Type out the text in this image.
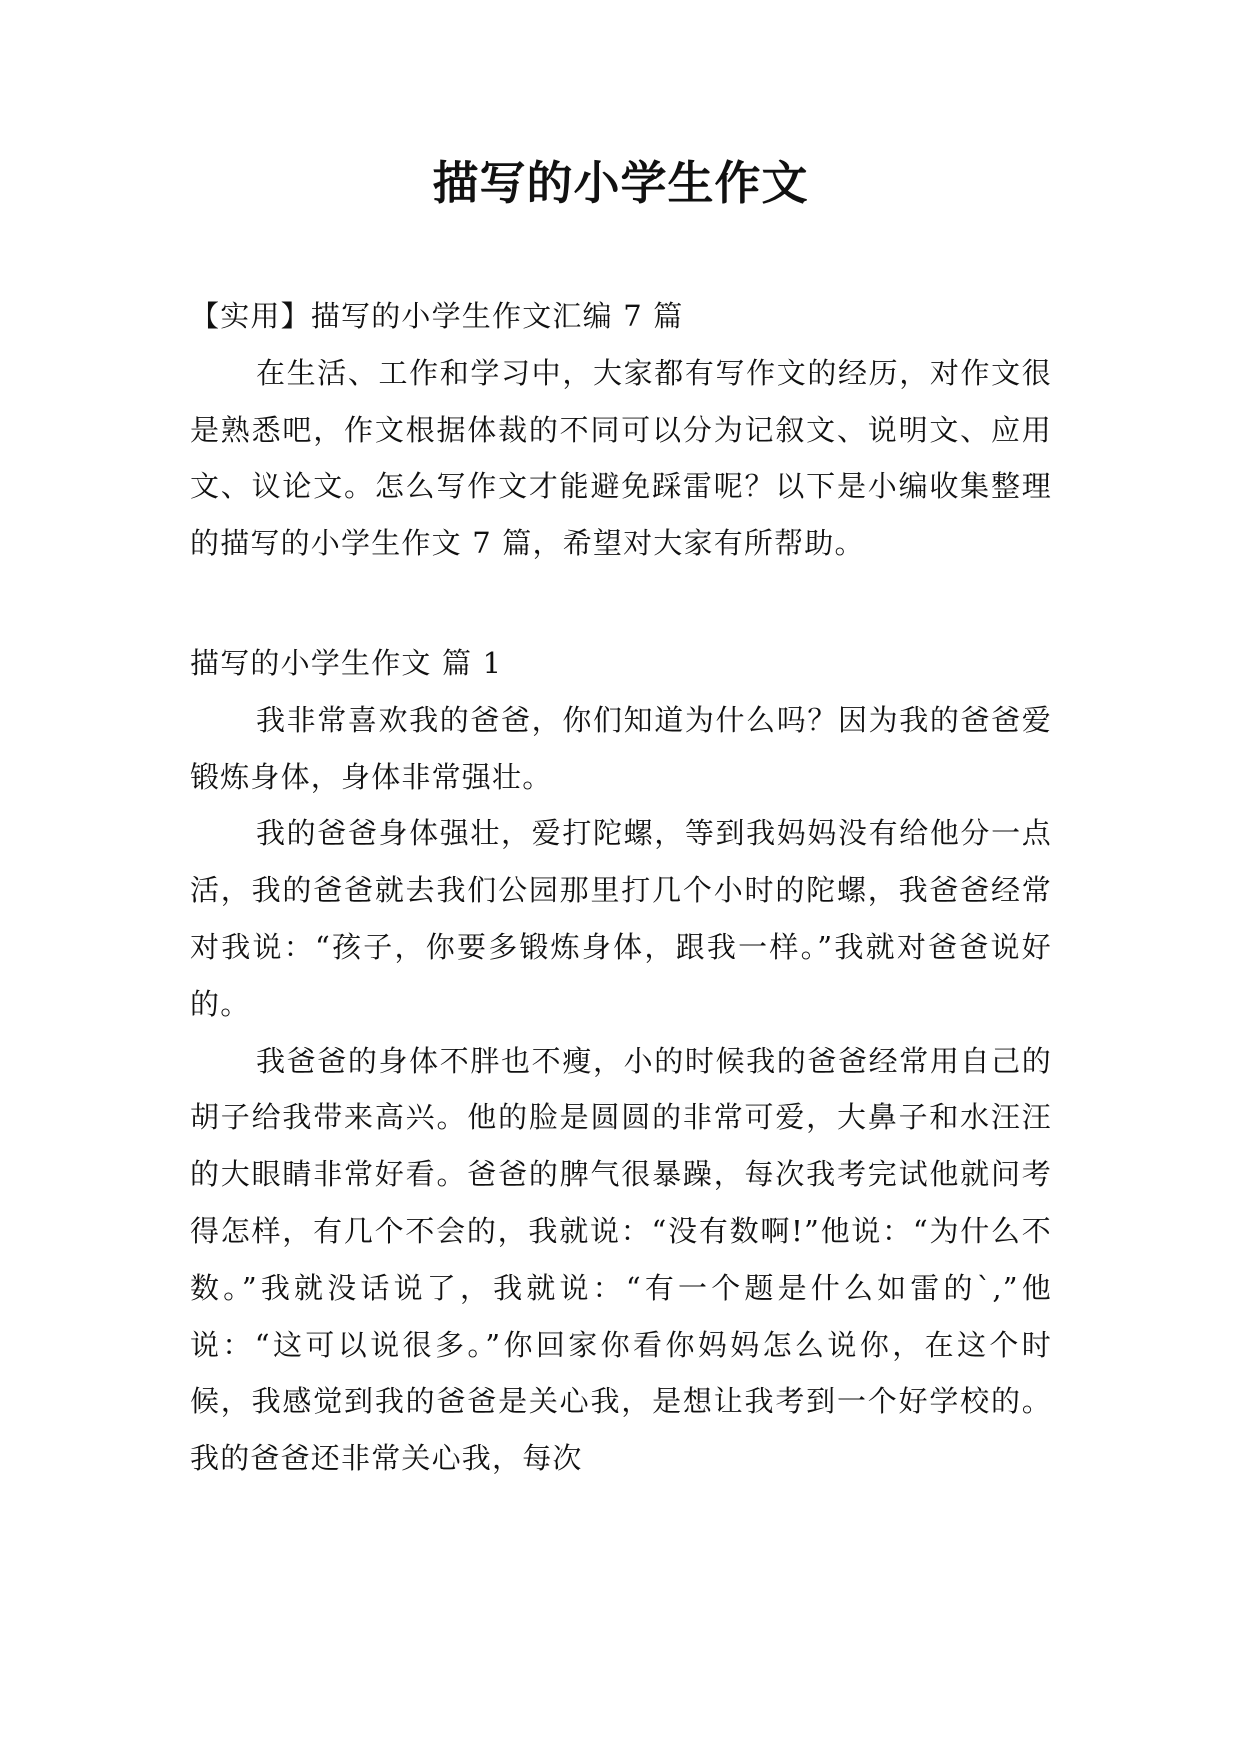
描写的小学生作文

【实用】描写的小学生作文汇编 7 篇

在生活、工作和学习中，大家都有写作文的经历，对作文很是熟悉吧，作文根据体裁的不同可以分为记叙文、说明文、应用文、议论文。怎么写作文才能避免踩雷呢？以下是小编收集整理的描写的小学生作文 7 篇，希望对大家有所帮助。

描写的小学生作文 篇 1

我非常喜欢我的爸爸，你们知道为什么吗？因为我的爸爸爱锻炼身体，身体非常强壮。

我的爸爸身体强壮，爱打陀螺，等到我妈妈没有给他分一点活，我的爸爸就去我们公园那里打几个小时的陀螺，我爸爸经常对我说：“孩子，你要多锻炼身体，跟我一样。”我就对爸爸说好的。

我爸爸的身体不胖也不瘦，小的时候我的爸爸经常用自己的胡子给我带来高兴。他的脸是圆圆的非常可爱，大鼻子和水汪汪的大眼睛非常好看。爸爸的脾气很暴躁，每次我考完试他就问考得怎样，有几个不会的，我就说：“没有数啊!”他说：“为什么不数。”我就没话说了，我就说：“有一个题是什么如雷的`,”他说：“这可以说很多。”你回家你看你妈妈怎么说你，在这个时候，我感觉到我的爸爸是关心我，是想让我考到一个好学校的。我的爸爸还非常关心我，每次
